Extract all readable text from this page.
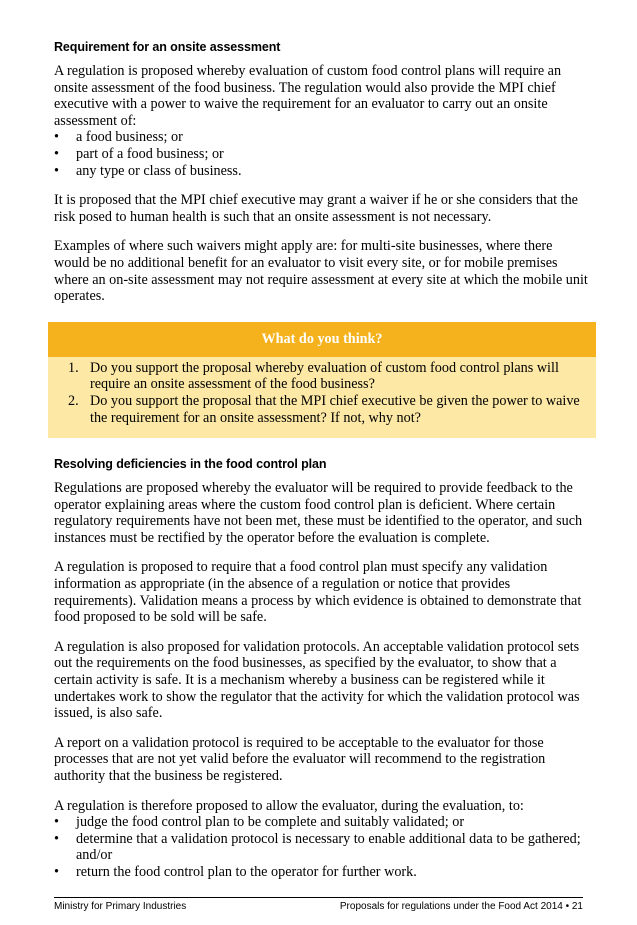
Requirement for an onsite assessment

A regulation is proposed whereby evaluation of custom food control plans will require an onsite assessment of the food business. The regulation would also provide the MPI chief executive with a power to waive the requirement for an evaluator to carry out an onsite assessment of:

• a food business; or
• part of a food business; or
• any type or class of business.

It is proposed that the MPI chief executive may grant a waiver if he or she considers that the risk posed to human health is such that an onsite assessment is not necessary.

Examples of where such waivers might apply are: for multi-site businesses, where there would be no additional benefit for an evaluator to visit every site, or for mobile premises where an on-site assessment may not require assessment at every site at which the mobile unit operates.

What do you think?
1. Do you support the proposal whereby evaluation of custom food control plans will require an onsite assessment of the food business?
2. Do you support the proposal that the MPI chief executive be given the power to waive the requirement for an onsite assessment? If not, why not?
Resolving deficiencies in the food control plan

Regulations are proposed whereby the evaluator will be required to provide feedback to the operator explaining areas where the custom food control plan is deficient. Where certain regulatory requirements have not been met, these must be identified to the operator, and such instances must be rectified by the operator before the evaluation is complete.

A regulation is proposed to require that a food control plan must specify any validation information as appropriate (in the absence of a regulation or notice that provides requirements). Validation means a process by which evidence is obtained to demonstrate that food proposed to be sold will be safe.

A regulation is also proposed for validation protocols. An acceptable validation protocol sets out the requirements on the food businesses, as specified by the evaluator, to show that a certain activity is safe. It is a mechanism whereby a business can be registered while it undertakes work to show the regulator that the activity for which the validation protocol was issued, is also safe.

A report on a validation protocol is required to be acceptable to the evaluator for those processes that are not yet valid before the evaluator will recommend to the registration authority that the business be registered.

A regulation is therefore proposed to allow the evaluator, during the evaluation, to:

• judge the food control plan to be complete and suitably validated; or
• determine that a validation protocol is necessary to enable additional data to be gathered; and/or
• return the food control plan to the operator for further work.
Ministry for Primary Industries	Proposals for regulations under the Food Act 2014 • 21
